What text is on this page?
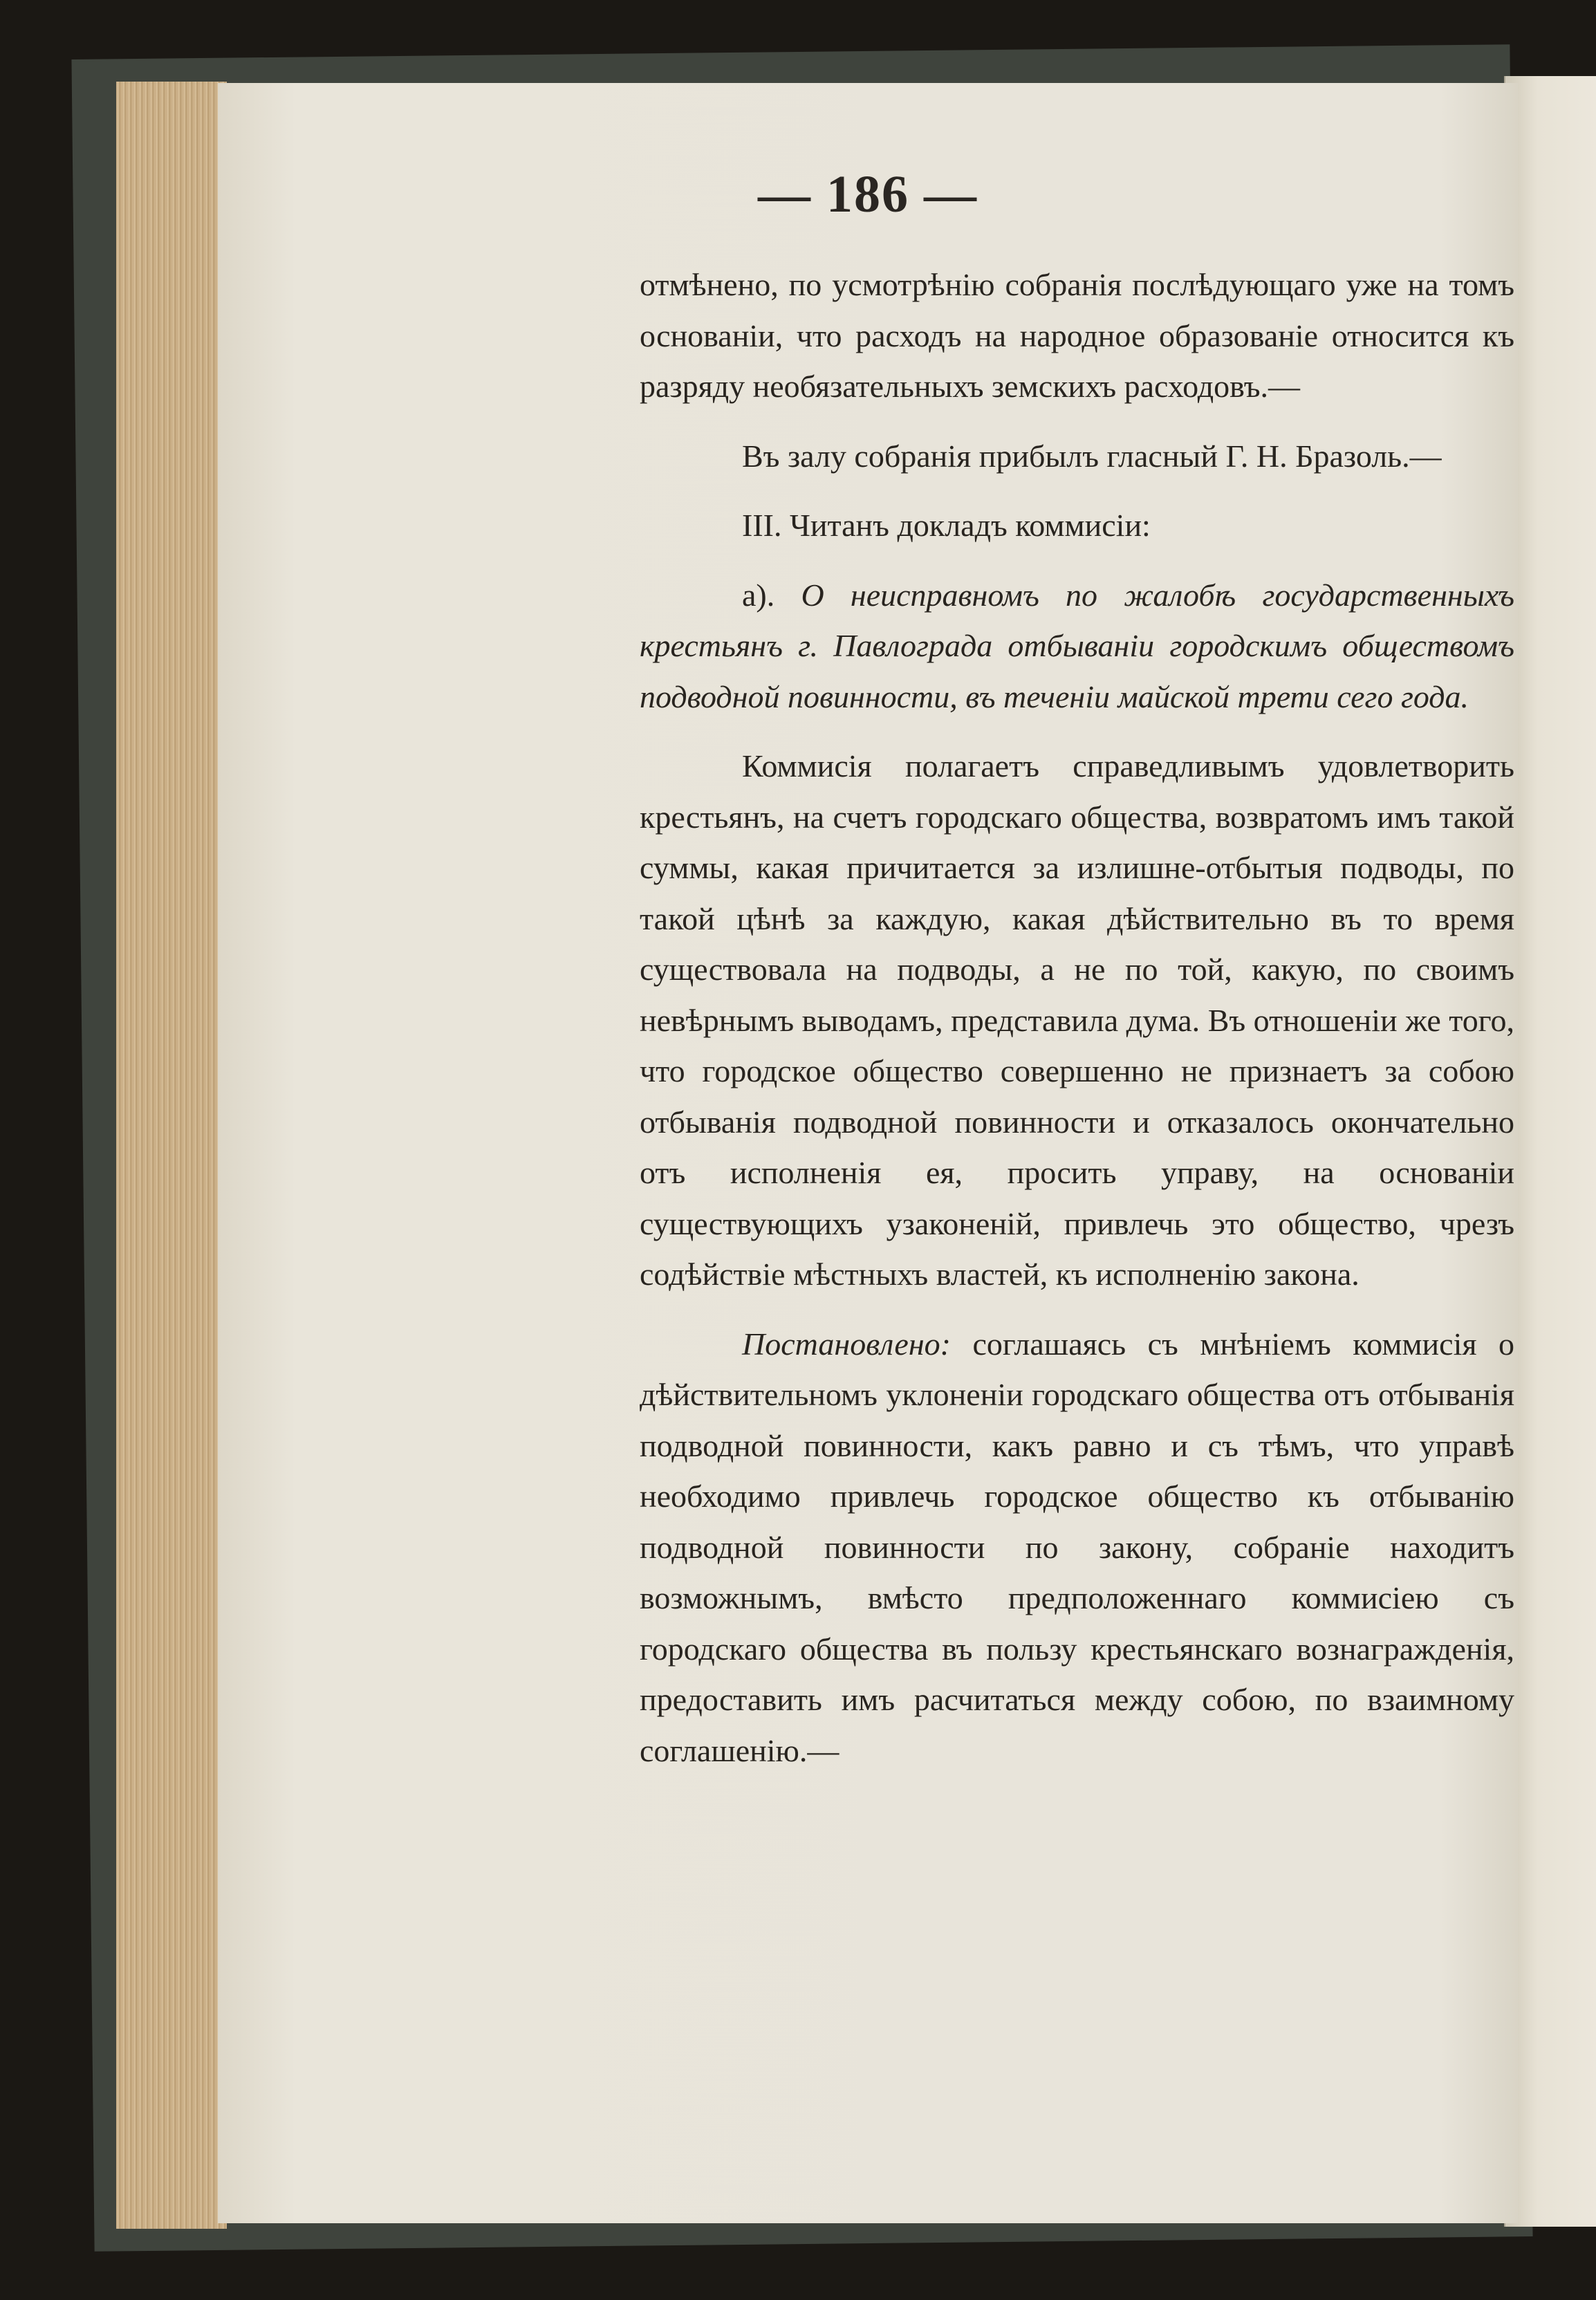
— 186 —

отмѣнено, по усмотрѣнію собранія послѣдующаго уже на томъ основаніи, что расходъ на народное образованіе относится къ разряду необязательныхъ земскихъ расходовъ.—

Въ залу собранія прибылъ гласный Г. Н. Бразоль.—

III. Читанъ докладъ коммисіи:

а). О неисправномъ по жалобѣ государственныхъ крестьянъ г. Павлограда отбываніи городскимъ обществомъ подводной повинности, въ теченіи майской трети сего года.

Коммисія полагаетъ справедливымъ удовлетворить крестьянъ, на счетъ городскаго общества, возвратомъ имъ такой суммы, какая причитается за излишне-отбытыя подводы, по такой цѣнѣ за каждую, какая дѣйствительно въ то время существовала на подводы, а не по той, какую, по своимъ невѣрнымъ выводамъ, представила дума. Въ отношеніи же того, что городское общество совершенно не признаетъ за собою отбыванія подводной повинности и отказалось окончательно отъ исполненія ея, просить управу, на основаніи существующихъ узаконеній, привлечь это общество, чрезъ содѣйствіе мѣстныхъ властей, къ исполненію закона.

Постановлено: соглашаясь съ мнѣніемъ коммисія о дѣйствительномъ уклоненіи городскаго общества отъ отбыванія подводной повинности, какъ равно и съ тѣмъ, что управѣ необходимо привлечь городское общество къ отбыванію подводной повинности по закону, собраніе находитъ возможнымъ, вмѣсто предположеннаго коммисіею съ городскаго общества въ пользу крестьянскаго вознагражденія, предоставить имъ расчитаться между собою, по взаимному соглашенію.—
